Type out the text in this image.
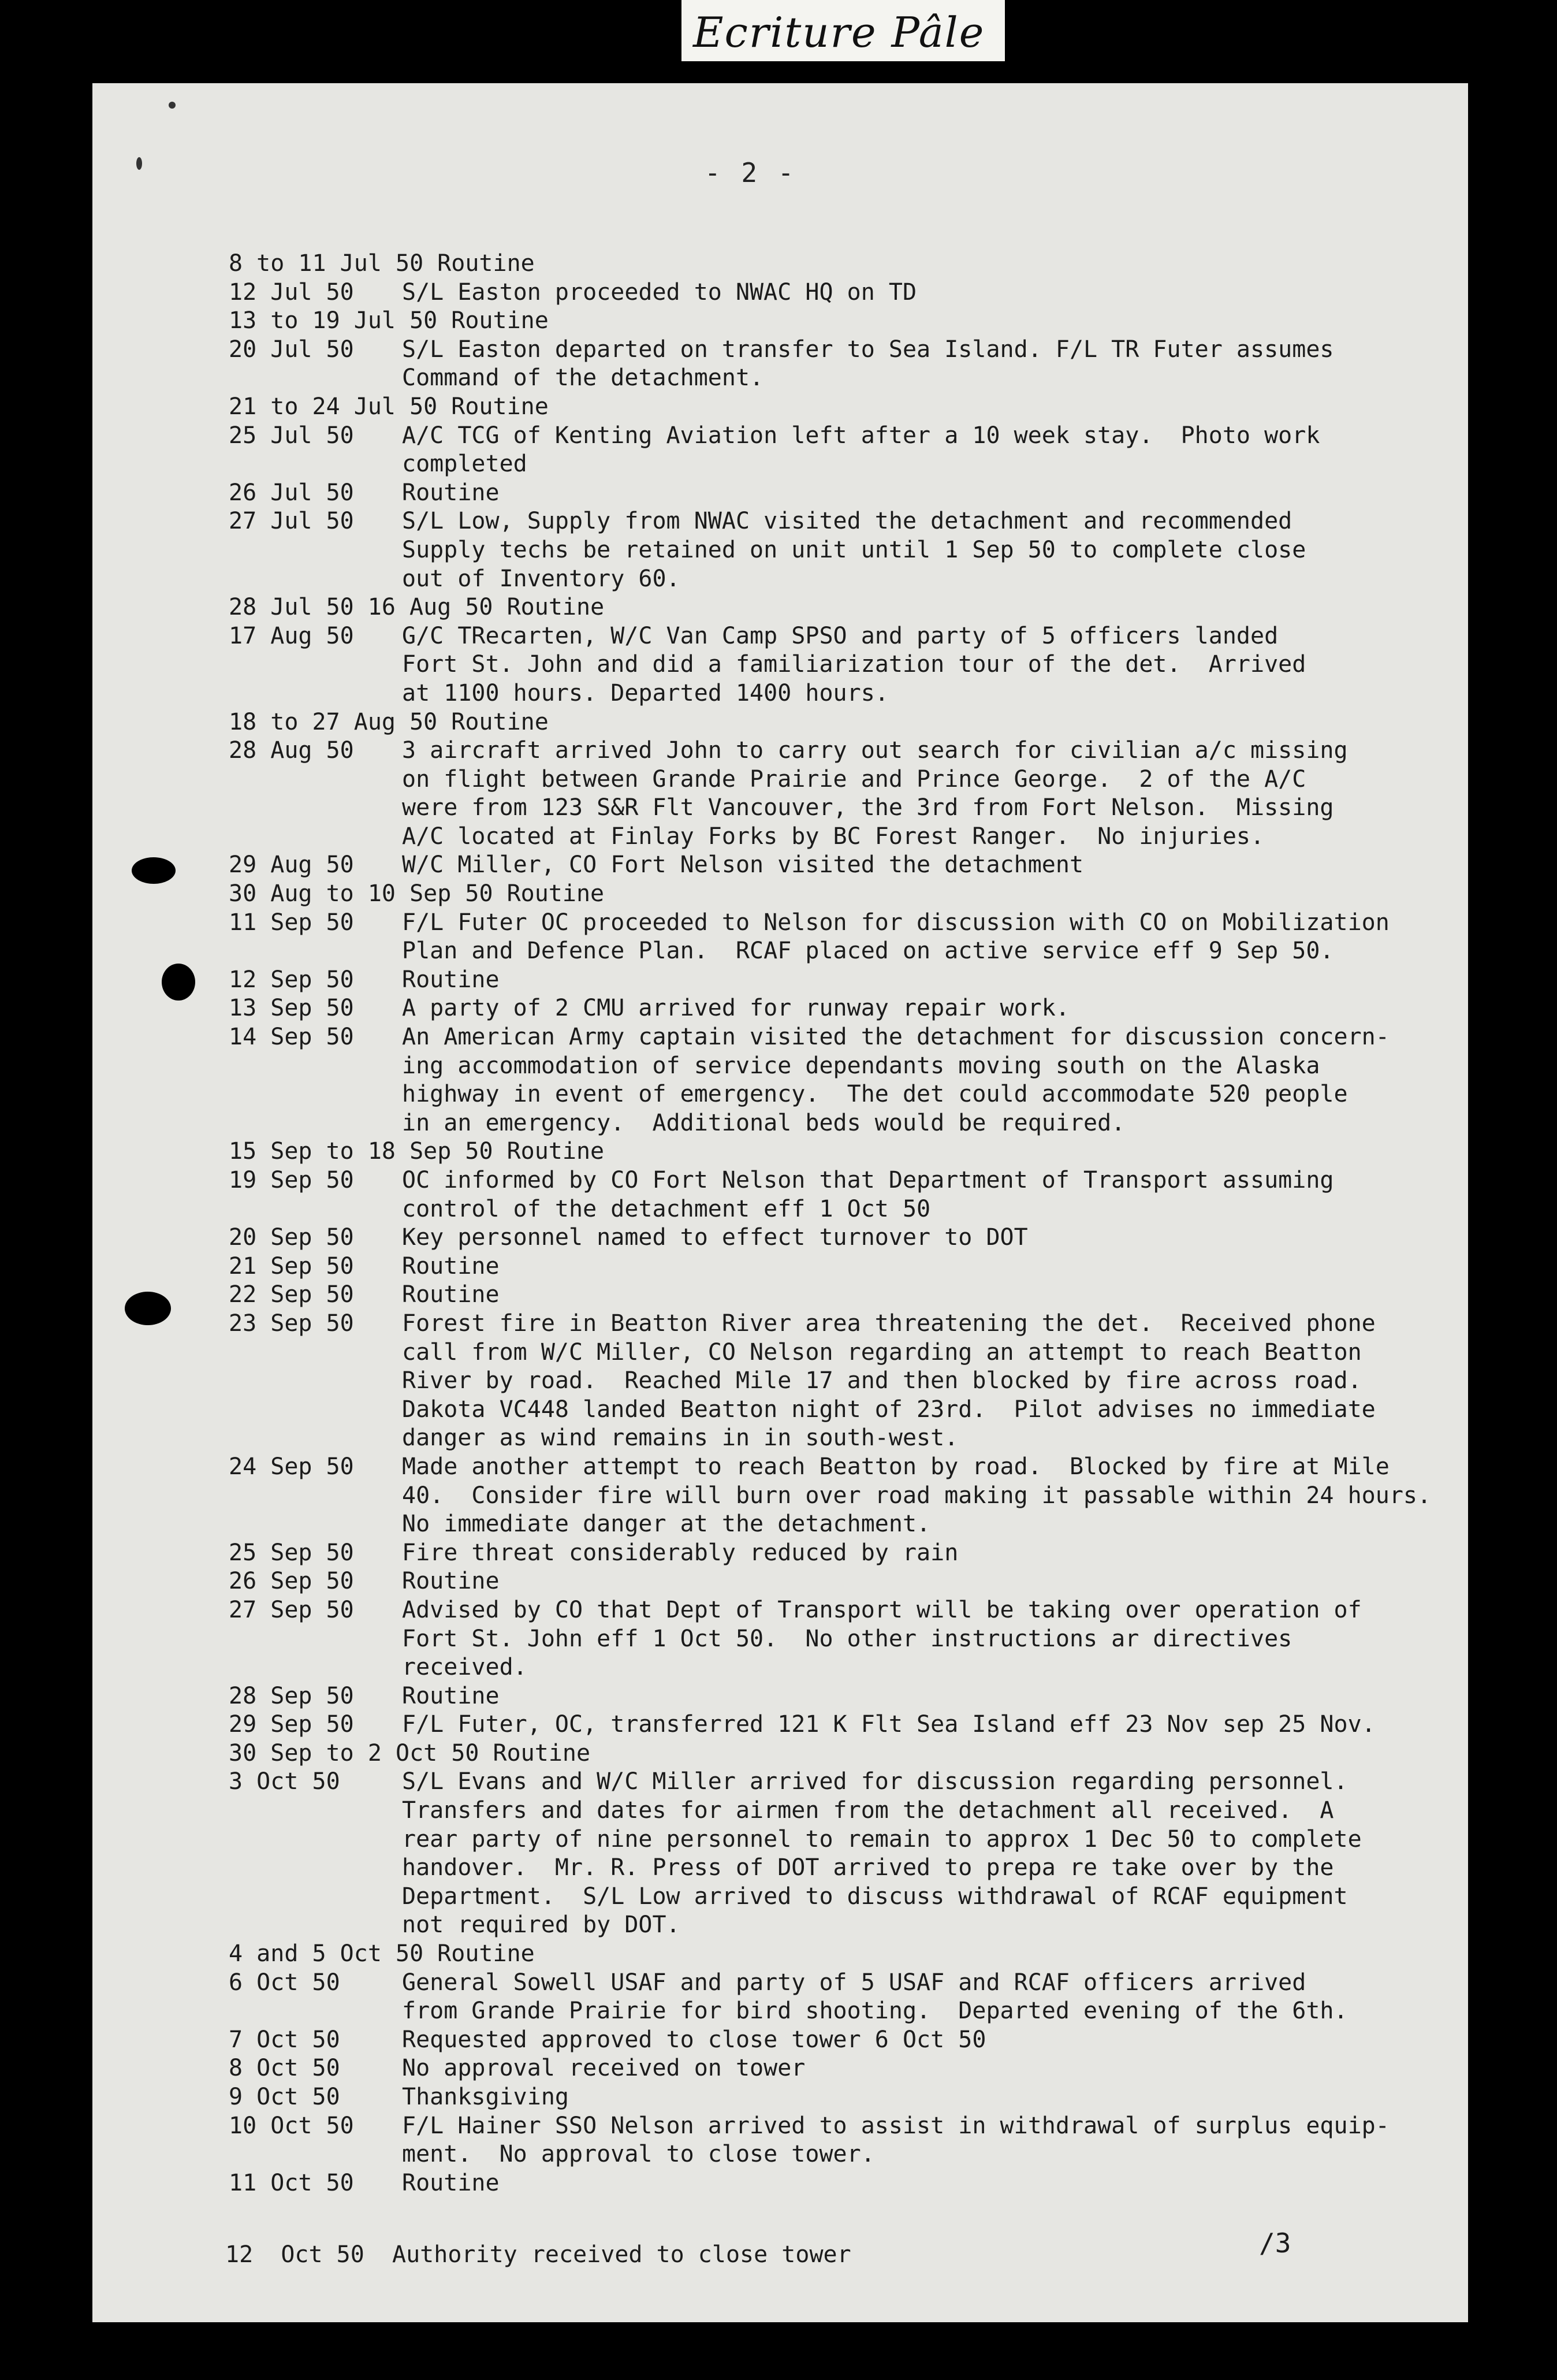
Ecriture Pâle
- 2 -
8 to 11 Jul 50 Routine
12 Jul 50	S/L Easton proceeded to NWAC HQ on TD
13 to 19 Jul 50 Routine
20 Jul 50	S/L Easton departed on transfer to Sea Island. F/L TR Futer assumes
Command of the detachment.
21 to 24 Jul 50 Routine
25 Jul 50	A/C TCG of Kenting Aviation left after a 10 week stay.  Photo work
completed
26 Jul 50	Routine
27 Jul 50	S/L Low, Supply from NWAC visited the detachment and recommended
Supply techs be retained on unit until 1 Sep 50 to complete close
out of Inventory 60.
28 Jul 50 16 Aug 50 Routine
17 Aug 50	G/C TRecarten, W/C Van Camp SPSO and party of 5 officers landed
Fort St. John and did a familiarization tour of the det.  Arrived
at 1100 hours. Departed 1400 hours.
18 to 27 Aug 50 Routine
28 Aug 50	3 aircraft arrived John to carry out search for civilian a/c missing
on flight between Grande Prairie and Prince George.  2 of the A/C
were from 123 S&R Flt Vancouver, the 3rd from Fort Nelson.  Missing
A/C located at Finlay Forks by BC Forest Ranger.  No injuries.
29 Aug 50	W/C Miller, CO Fort Nelson visited the detachment
30 Aug to 10 Sep 50 Routine
11 Sep 50	F/L Futer OC proceeded to Nelson for discussion with CO on Mobilization
Plan and Defence Plan.  RCAF placed on active service eff 9 Sep 50.
12 Sep 50	Routine
13 Sep 50	A party of 2 CMU arrived for runway repair work.
14 Sep 50	An American Army captain visited the detachment for discussion concern-
ing accommodation of service dependants moving south on the Alaska
highway in event of emergency.  The det could accommodate 520 people
in an emergency.  Additional beds would be required.
15 Sep to 18 Sep 50 Routine
19 Sep 50	OC informed by CO Fort Nelson that Department of Transport assuming
control of the detachment eff 1 Oct 50
20 Sep 50	Key personnel named to effect turnover to DOT
21 Sep 50	Routine
22 Sep 50	Routine
23 Sep 50	Forest fire in Beatton River area threatening the det.  Received phone
call from W/C Miller, CO Nelson regarding an attempt to reach Beatton
River by road.  Reached Mile 17 and then blocked by fire across road.
Dakota VC448 landed Beatton night of 23rd.  Pilot advises no immediate
danger as wind remains in in south-west.
24 Sep 50	Made another attempt to reach Beatton by road.  Blocked by fire at Mile
40.  Consider fire will burn over road making it passable within 24 hours.
No immediate danger at the detachment.
25 Sep 50	Fire threat considerably reduced by rain
26 Sep 50	Routine
27 Sep 50	Advised by CO that Dept of Transport will be taking over operation of
Fort St. John eff 1 Oct 50.  No other instructions ar directives
received.
28 Sep 50	Routine
29 Sep 50	F/L Futer, OC, transferred 121 K Flt Sea Island eff 23 Nov sep 25 Nov.
30 Sep to 2 Oct 50 Routine
3 Oct 50	S/L Evans and W/C Miller arrived for discussion regarding personnel.
Transfers and dates for airmen from the detachment all received.  A
rear party of nine personnel to remain to approx 1 Dec 50 to complete
handover.  Mr. R. Press of DOT arrived to prepa re take over by the
Department.  S/L Low arrived to discuss withdrawal of RCAF equipment
not required by DOT.
4 and 5 Oct 50 Routine
6 Oct 50	General Sowell USAF and party of 5 USAF and RCAF officers arrived
from Grande Prairie for bird shooting.  Departed evening of the 6th.
7 Oct 50	Requested approved to close tower 6 Oct 50
8 Oct 50	No approval received on tower
9 Oct 50	Thanksgiving
10 Oct 50	F/L Hainer SSO Nelson arrived to assist in withdrawal of surplus equip-
ment.  No approval to close tower.
11 Oct 50	Routine
12  Oct 50 Authority received to close tower	/3
